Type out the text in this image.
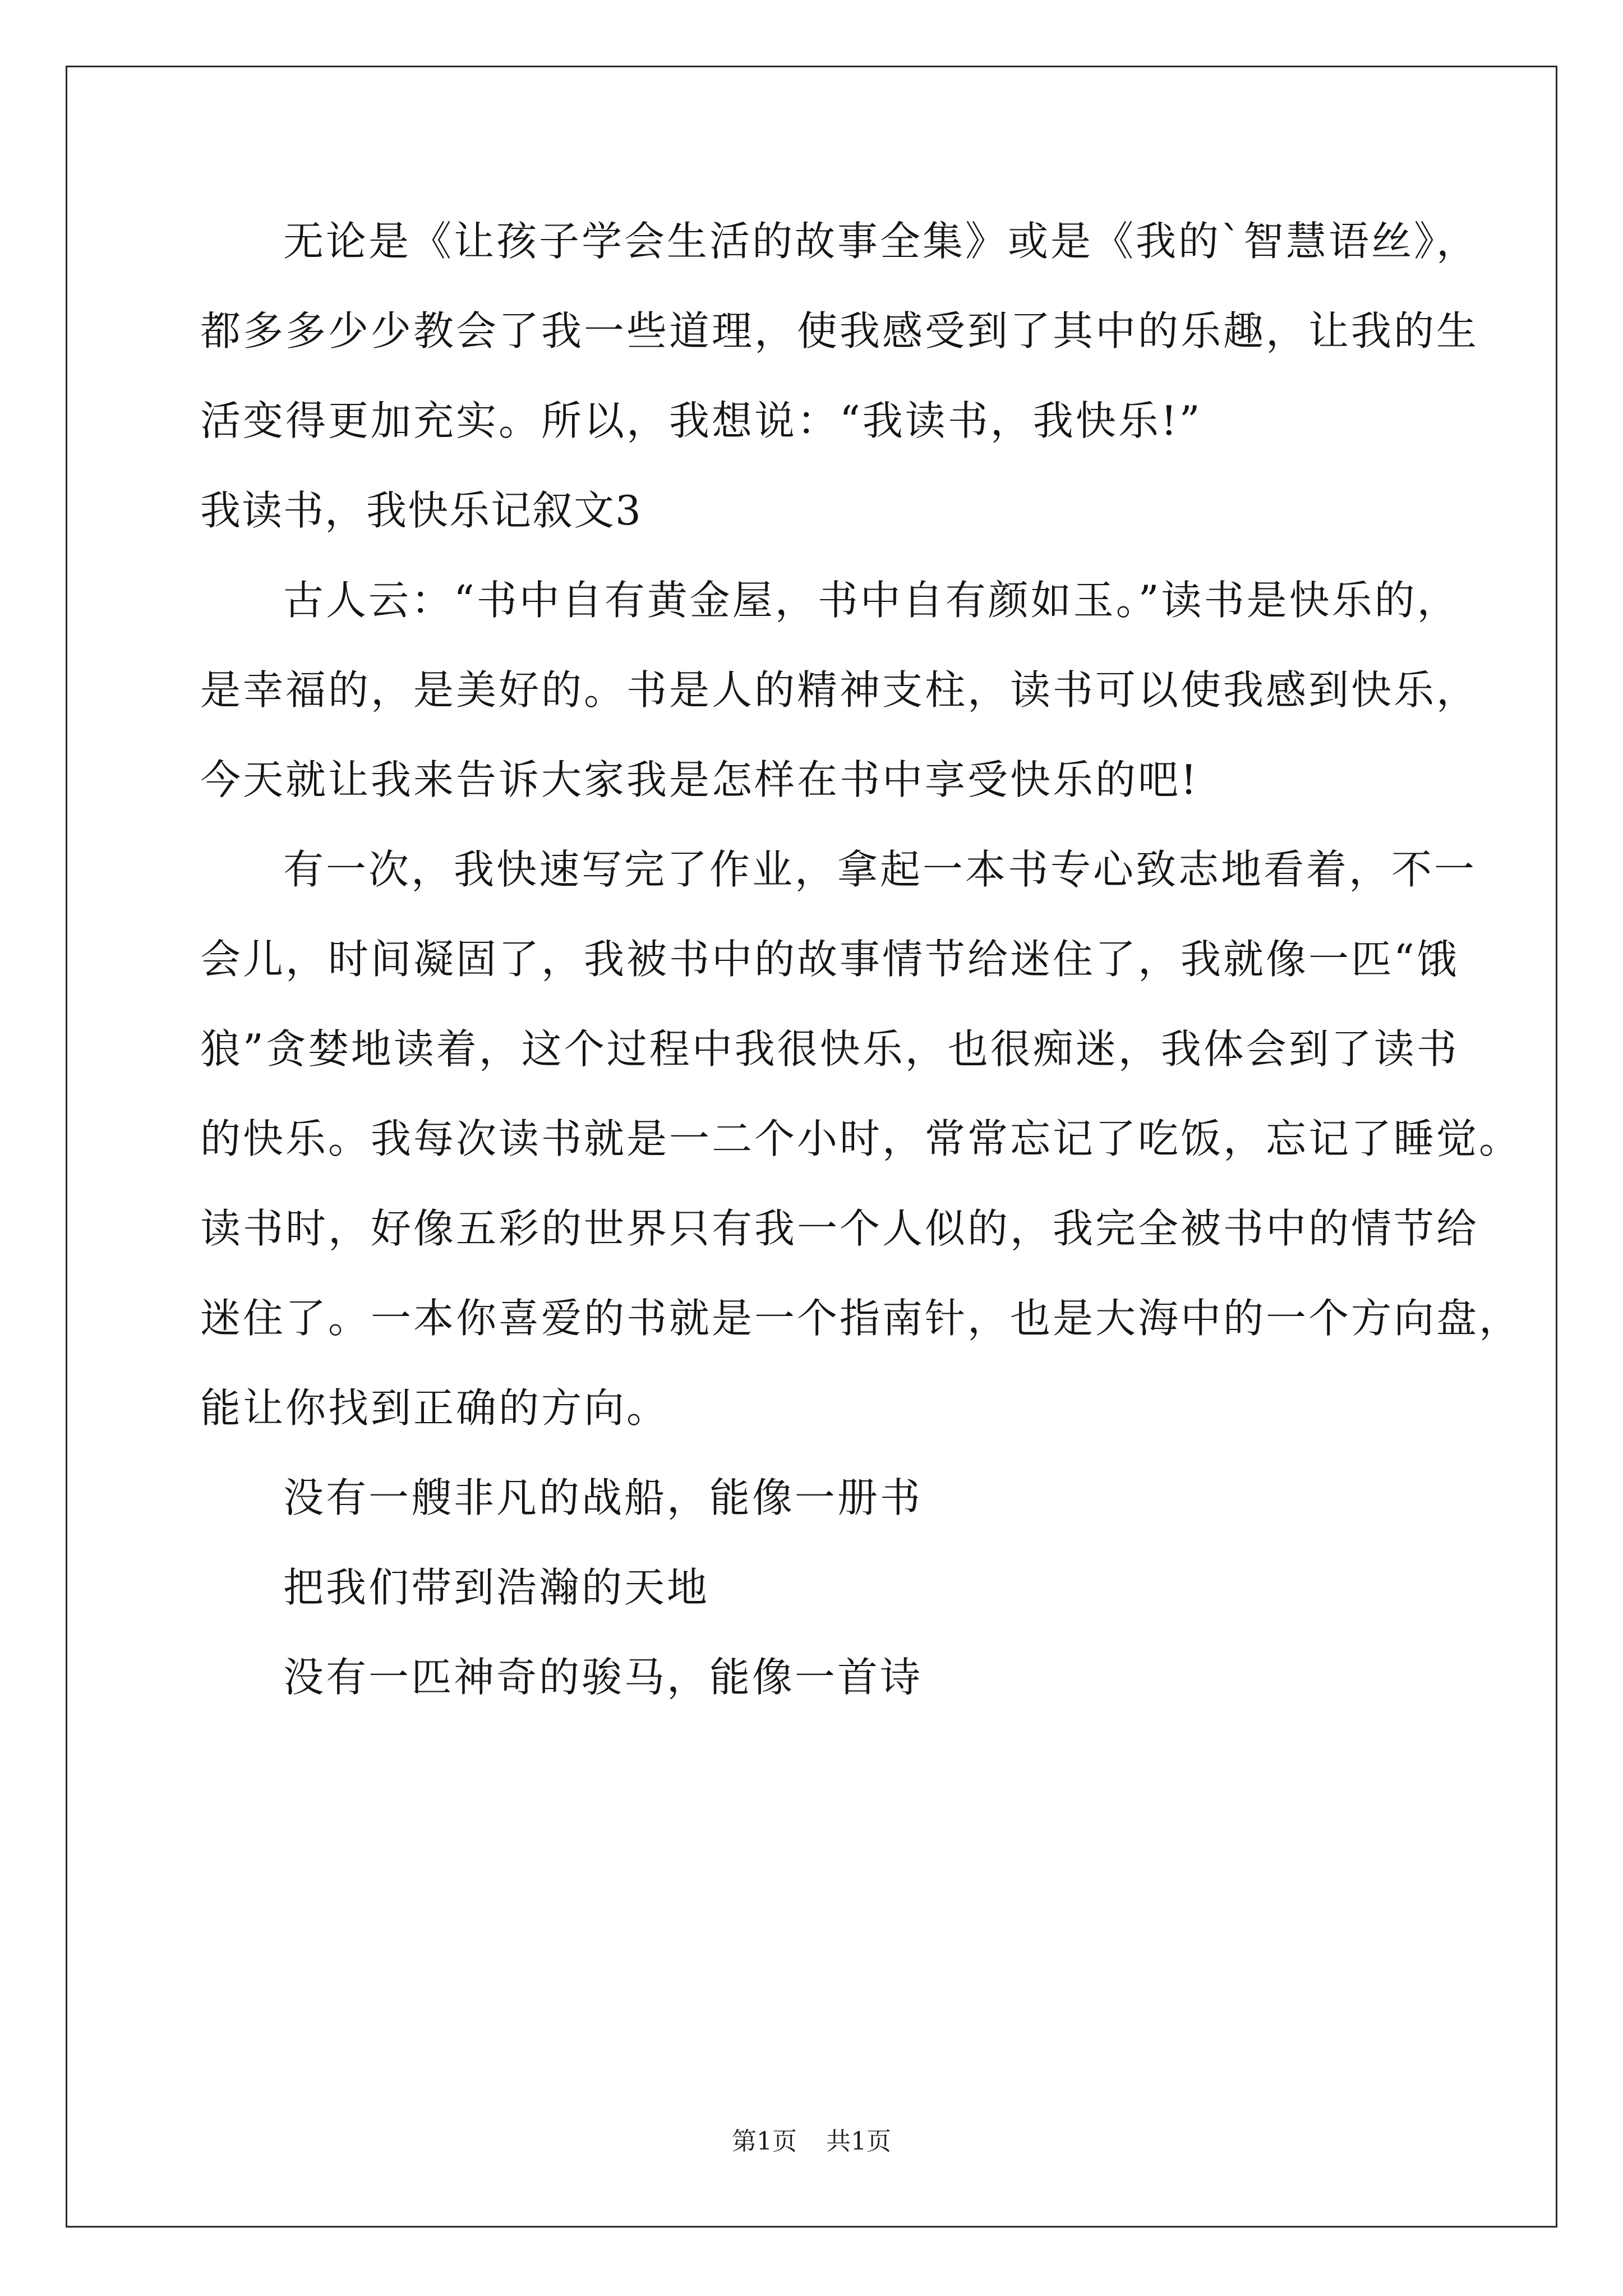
无论是《让孩子学会生活的故事全集》或是《我的`智慧语丝》，
都多多少少教会了我一些道理，使我感受到了其中的乐趣，让我的生
活变得更加充实。所以，我想说：“我读书，我快乐!”
我读书，我快乐记叙文3
古人云：“书中自有黄金屋，书中自有颜如玉。”读书是快乐的，
是幸福的，是美好的。书是人的精神支柱，读书可以使我感到快乐，
今天就让我来告诉大家我是怎样在书中享受快乐的吧!
有一次，我快速写完了作业，拿起一本书专心致志地看着，不一
会儿，时间凝固了，我被书中的故事情节给迷住了，我就像一匹“饿
狼”贪婪地读着，这个过程中我很快乐，也很痴迷，我体会到了读书
的快乐。我每次读书就是一二个小时，常常忘记了吃饭，忘记了睡觉。
读书时，好像五彩的世界只有我一个人似的，我完全被书中的情节给
迷住了。一本你喜爱的书就是一个指南针，也是大海中的一个方向盘，
能让你找到正确的方向。
没有一艘非凡的战船，能像一册书
把我们带到浩瀚的天地
没有一匹神奇的骏马，能像一首诗
第1页 共1页
